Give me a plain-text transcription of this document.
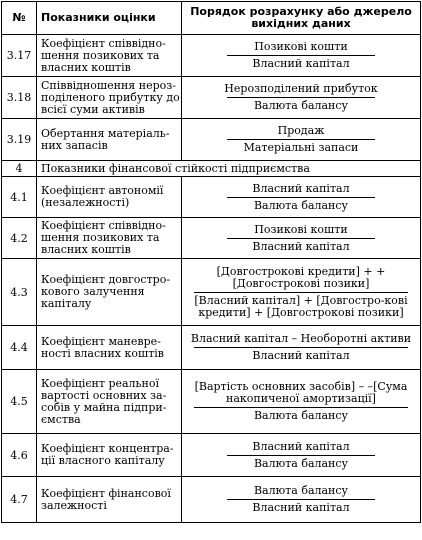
№	Показники оцінки	Порядок розрахунку або джерело вихідних даних
3.17	Коефіцієнт співвідно-шення позикових та власних коштів	Позикові кошти
Власний капітал

3.18	Співвідношення нероз-поділеного прибутку до всієї суми активів	Нерозподілений прибуток
Валюта балансу

3.19	Обертання матеріаль-них запасів	Продаж
Матеріальні запаси

4	Показники фінансової стійкості підприємства	
4.1	Коефіцієнт автономії (незалежності)	Власний капітал
Валюта балансу

4.2	Коефіцієнт співвідно-шення позикових та власних коштів	Позикові кошти
Власний капітал

4.3	Коефіцієнт довгостро-кового залучення капіталу	[Довгострокові кредити] + + [Довгострокові позики]
[Власний капітал] + [Довгостро-кові кредити] + [Довгострокові позики]

4.4	Коефіцієнт маневре-ності власних коштів	Власний капітал – Необоротні активи
Власний капітал

4.5	Коефіцієнт реальної вартості основних за-собів у майна підпри-ємства	[Вартість основних засобів] – –[Сума накопиченої амортизації]
Валюта балансу

4.6	Коефіцієнт концентра-ції власного капіталу	Власний капітал
Валюта балансу

4.7	Коефіцієнт фінансової залежності	Валюта балансу
Власний капітал
